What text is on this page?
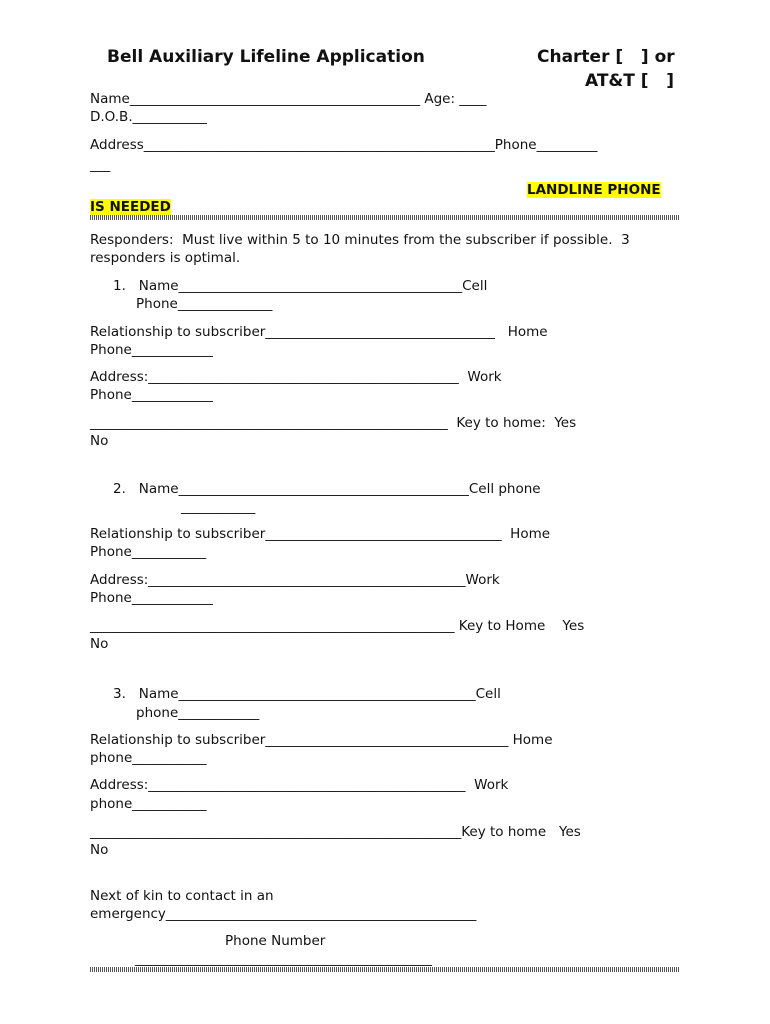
Bell Auxiliary Lifeline Application	Charter [   ] or
AT&T [   ]
Name___________________________________________ Age: ____
D.O.B.___________
Address____________________________________________________Phone_________
___
LANDLINE PHONE
IS NEEDED
Responders:  Must live within 5 to 10 minutes from the subscriber if possible.  3
responders is optimal.
1.   Name__________________________________________Cell
Phone______________
Relationship to subscriber__________________________________   Home
Phone____________
Address:______________________________________________  Work
Phone____________
_____________________________________________________  Key to home:  Yes
No
2.   Name___________________________________________Cell phone
___________
Relationship to subscriber___________________________________  Home
Phone___________
Address:_______________________________________________Work
Phone____________
______________________________________________________ Key to Home    Yes
No
3.   Name____________________________________________Cell
phone____________
Relationship to subscriber____________________________________ Home
phone___________
Address:_______________________________________________  Work
phone___________
_______________________________________________________Key to home   Yes
No
Next of kin to contact in an
emergency______________________________________________
Phone Number
____________________________________________
